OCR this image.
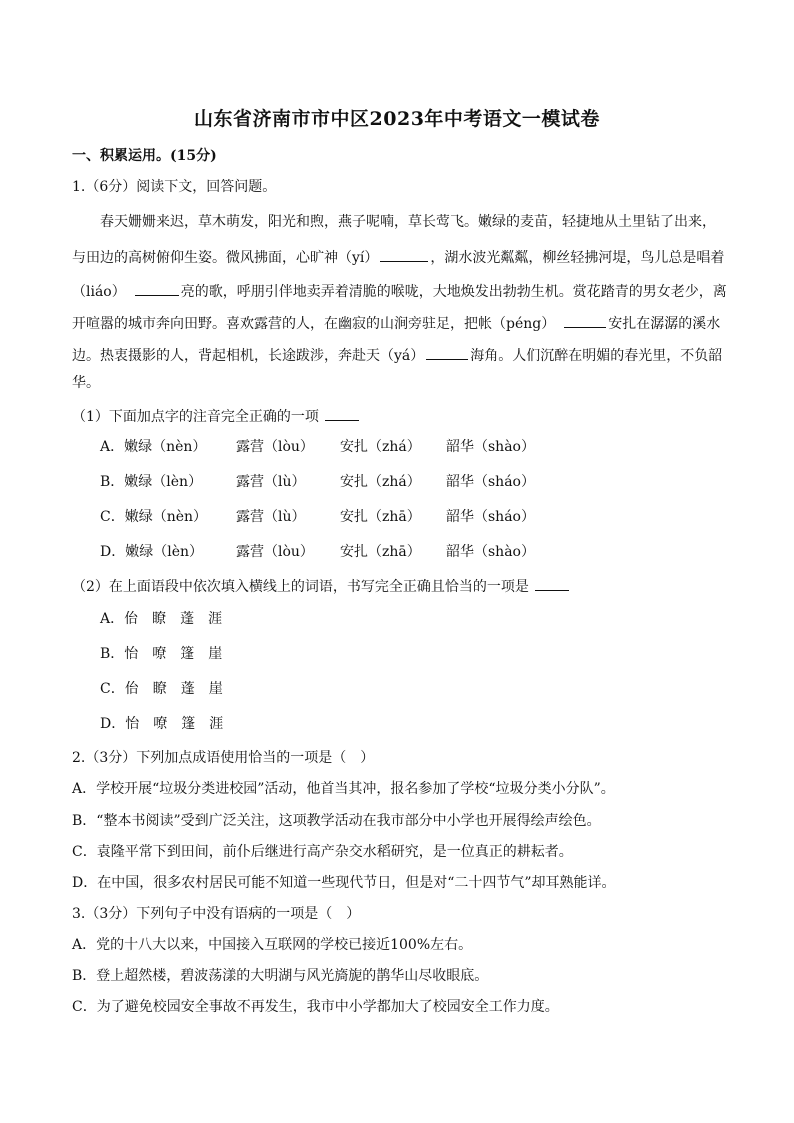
山东省济南市市中区2023年中考语文一模试卷
一、积累运用。(15分)
1.（6分）阅读下文，回答问题。
春天姗姗来迟，草木萌发，阳光和煦，燕子呢喃，草长莺飞。嫩绿的麦苗，轻捷地从土里钻了出来，
与田边的高树俯仰生姿。微风拂面，心旷神（yí）	，湖水波光粼粼，柳丝轻拂河堤，鸟儿总是唱着
（liáo）　	亮的歌，呼朋引伴地卖弄着清脆的喉咙，大地焕发出勃勃生机。赏花踏青的男女老少，离
开喧嚣的城市奔向田野。喜欢露营的人，在幽寂的山涧旁驻足，把帐（péng）　	安扎在潺潺的溪水
边。热衷摄影的人，背起相机，长途跋涉，奔赴天（yá）	海角。人们沉醉在明媚的春光里，不负韶
华。
（1）下面加点字的注音完全正确的一项
A．嫩绿（nèn） 露营（lòu） 安扎（zhá） 韶华（shào）
B．嫩绿（lèn） 露营（lù） 安扎（zhá） 韶华（sháo）
C．嫩绿（nèn） 露营（lù） 安扎（zhā） 韶华（sháo）
D．嫩绿（lèn） 露营（lòu） 安扎（zhā） 韶华（shào）
（2）在上面语段中依次填入横线上的词语，书写完全正确且恰当的一项是
A．佁　瞭　蓬　涯
B．怡　嘹　篷　崖
C．佁　瞭　蓬　崖
D．怡　嘹　篷　涯
2.（3分）下列加点成语使用恰当的一项是（　）
A．学校开展“垃圾分类进校园”活动，他首当其冲，报名参加了学校“垃圾分类小分队”。
B．“整本书阅读”受到广泛关注，这项教学活动在我市部分中小学也开展得绘声绘色。
C．袁隆平常下到田间，前仆后继进行高产杂交水稻研究，是一位真正的耕耘者。
D．在中国，很多农村居民可能不知道一些现代节日，但是对“二十四节气”却耳熟能详。
3.（3分）下列句子中没有语病的一项是（　）
A．党的十八大以来，中国接入互联网的学校已接近100%左右。
B．登上超然楼，碧波荡漾的大明湖与风光旖旎的鹊华山尽收眼底。
C．为了避免校园安全事故不再发生，我市中小学都加大了校园安全工作力度。
